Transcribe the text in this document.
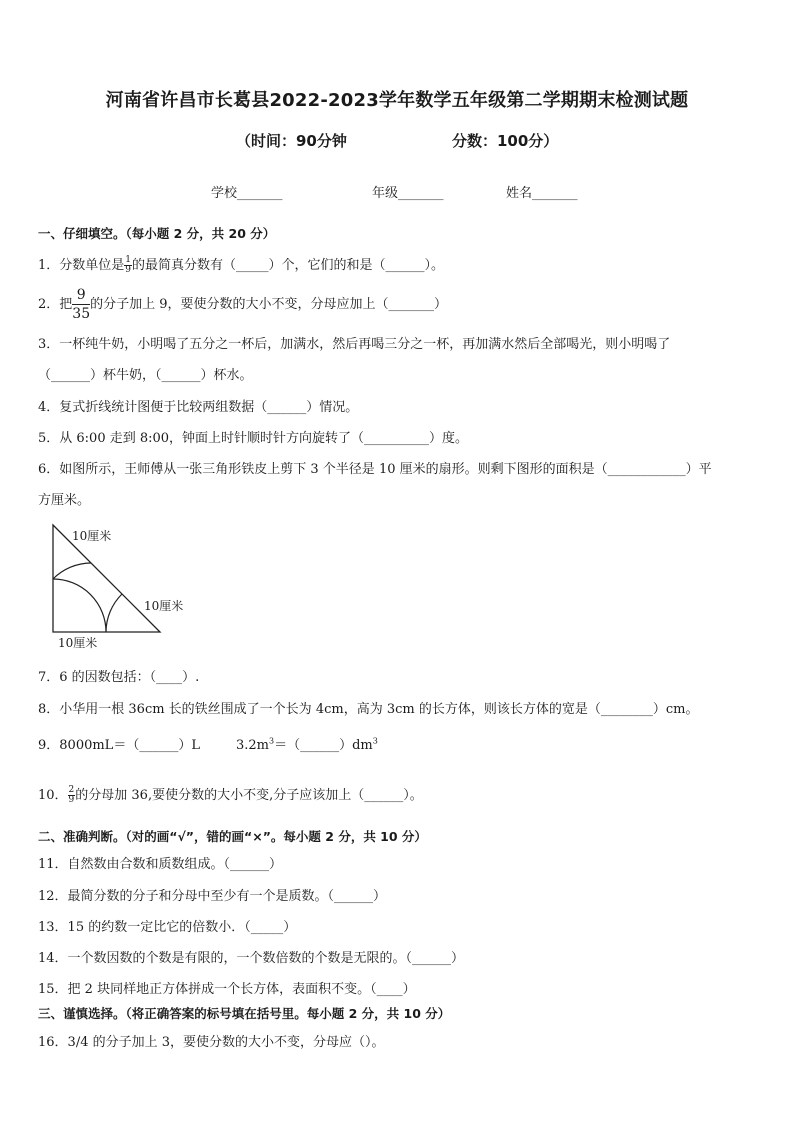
河南省许昌市长葛县2022-2023学年数学五年级第二学期期末检测试题
（时间：90分钟	分数：100分）
学校_______	年级_______	姓名_______
一、仔细填空。（每小题 2 分，共 20 分）
1．分数单位是 $\frac{1}{9}$ 的最简真分数有（_____）个，它们的和是（______）。
2．把 $\frac{9}{35}$ 的分子加上 9，要使分数的大小不变，分母应加上（_______）
3．一杯纯牛奶，小明喝了五分之一杯后，加满水，然后再喝三分之一杯，再加满水然后全部喝光，则小明喝了
（______）杯牛奶，（______）杯水。
4．复式折线统计图便于比较两组数据（______）情况。
5．从 6:00 走到 8:00，钟面上时针顺时针方向旋转了（__________）度。
6．如图所示，王师傅从一张三角形铁皮上剪下 3 个半径是 10 厘米的扇形。则剩下图形的面积是（____________）平
方厘米。
10厘米
10厘米
10厘米
7．6 的因数包括：（____）.
8．小华用一根 36cm 长的铁丝围成了一个长为 4cm，高为 3cm 的长方体，则该长方体的宽是（________）cm。
9．8000mL＝（______）L	$3.2m^3=(\_\_\_\_\_\_)dm^3$
10． $\frac{2}{9}$ 的分母加 36,要使分数的大小不变,分子应该加上（______）。
二、准确判断。（对的画“√”，错的画“×”。每小题 2 分，共 10 分）
11．自然数由合数和质数组成。（______）
12．最简分数的分子和分母中至少有一个是质数。（______）
13．15 的约数一定比它的倍数小．（_____）
14．一个数因数的个数是有限的，一个数倍数的个数是无限的。（______）
15．把 2 块同样地正方体拼成一个长方体，表面积不变。（____）
三、谨慎选择。（将正确答案的标号填在括号里。每小题 2 分，共 10 分）
16．3/4 的分子加上 3，要使分数的大小不变，分母应（）。
